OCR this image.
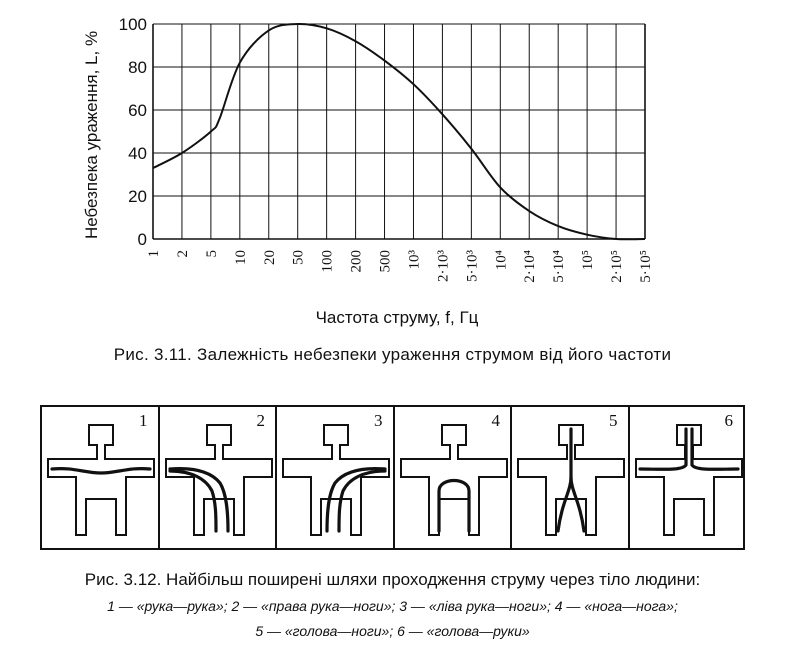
0
20
40
60
80
100
1 2 5 10 20 50 100 200 500 10³ 2·10³ 5·10³ 10⁴ 2·10⁴ 5·10⁴ 10⁵ 2·10⁵ 5·10⁵
Небезпека ураження, L, %
Частота струму, f, Гц
Рис. 3.11. Залежність небезпеки ураження струмом від його частоти
1	2	3	4	5	6
Рис. 3.12. Найбільш поширені шляхи проходження струму через тіло людини:
1 — «рука—рука»; 2 — «права рука—ноги»; 3 — «ліва рука—ноги»; 4 — «нога—нога»;
5 — «голова—ноги»; 6 — «голова—руки»
